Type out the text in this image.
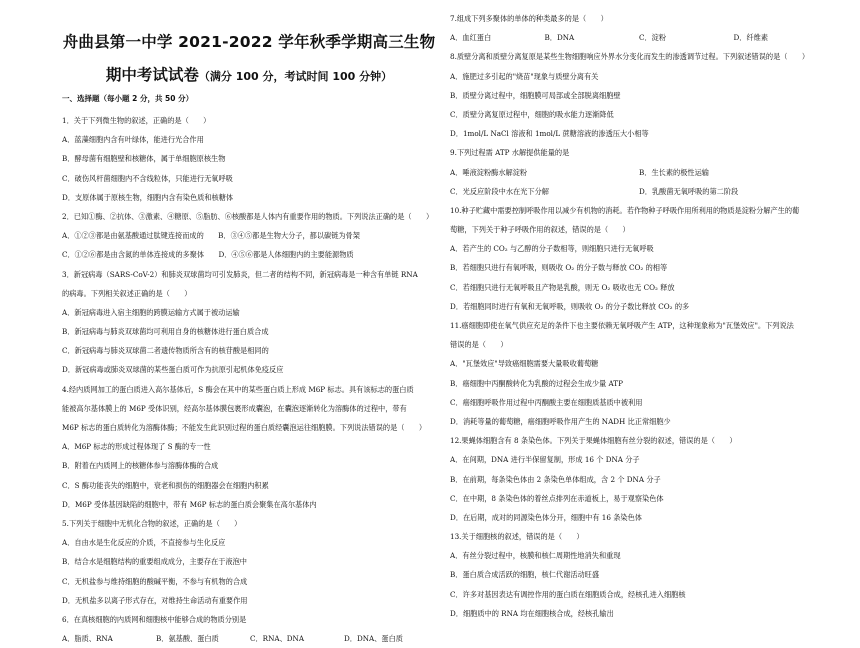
舟曲县第一中学 2021-2022 学年秋季学期高三生物
期中考试试卷（满分 100 分，考试时间 100 分钟）
一、选择题（每小题 2 分，共 50 分）
1．关于下列微生物的叙述，正确的是（　　）
A．蓝藻细胞内含有叶绿体，能进行光合作用
B．酵母菌有细胞壁和核糖体，属于单细胞原核生物
C．破伤风杆菌细胞内不含线粒体，只能进行无氧呼吸
D．支原体属于原核生物，细胞内含有染色质和核糖体
2．已知①酶、②抗体、③激素、④糖原、⑤脂肪、⑥核酸都是人体内有重要作用的物质。下列说法正确的是（　　）
A．①②③都是由氨基酸通过肽键连接而成的　　B．③④⑤都是生物大分子，都以碳链为骨架
C．①②⑥都是由含氮的单体连接成的多聚体　　D．④⑤⑥都是人体细胞内的主要能源物质
3．新冠病毒（SARS-CoV-2）和肺炎双球菌均可引发肺炎，但二者的结构不同，新冠病毒是一种含有单链 RNA
的病毒。下列相关叙述正确的是（　　）
A．新冠病毒进入宿主细胞的跨膜运输方式属于被动运输
B．新冠病毒与肺炎双球菌均可利用自身的核糖体进行蛋白质合成
C．新冠病毒与肺炎双球菌二者遗传物质所含有的核苷酸是相同的
D．新冠病毒或肺炎双球菌的某些蛋白质可作为抗原引起机体免疫反应
4.经内质网加工的蛋白质进入高尔基体后，S 酶会在其中的某些蛋白质上形成 M6P 标志。具有该标志的蛋白质
能被高尔基体膜上的 M6P 受体识别，经高尔基体膜包裹形成囊泡，在囊泡逐渐转化为溶酶体的过程中，带有
M6P 标志的蛋白质转化为溶酶体酶；不能发生此识别过程的蛋白质经囊泡运往细胞膜。下列说法错误的是（　　）
A．M6P 标志的形成过程体现了 S 酶的专一性
B．附着在内质网上的核糖体参与溶酶体酶的合成
C．S 酶功能丧失的细胞中，衰老和损伤的细胞器会在细胞内积累
D．M6P 受体基因缺陷的细胞中，带有 M6P 标志的蛋白质会聚集在高尔基体内
5.下列关于细胞中无机化合物的叙述，正确的是（　　）
A．自由水是生化反应的介质，不直接参与生化反应
B．结合水是细胞结构的重要组成成分，主要存在于液泡中
C．无机盐参与维持细胞的酸碱平衡，不参与有机物的合成
D．无机盐多以离子形式存在，对维持生命活动有重要作用
6．在真核细胞的内质网和细胞核中能够合成的物质分别是
A．脂质、RNA	B．氨基酸、蛋白质	C．RNA、DNA	D．DNA、蛋白质
7.组成下列多聚体的单体的种类最多的是（　　）
A．血红蛋白	B．DNA	C．淀粉	D．纤维素
8.质壁分离和质壁分离复原是某些生物细胞响应外界水分变化而发生的渗透调节过程。下列叙述错误的是（　　）
A．施肥过多引起的"烧苗"现象与质壁分离有关
B．质壁分离过程中，细胞膜可局部或全部脱离细胞壁
C．质壁分离复原过程中，细胞的吸水能力逐渐降低
D．1mol/L NaCl 溶液和 1mol/L 蔗糖溶液的渗透压大小相等
9.下列过程需 ATP 水解提供能量的是
A．唾液淀粉酶水解淀粉	B．生长素的极性运输
C．光反应阶段中水在光下分解	D．乳酸菌无氧呼吸的第二阶段
10.种子贮藏中需要控制呼吸作用以减少有机物的消耗。若作物种子呼吸作用所利用的物质是淀粉分解产生的葡
萄糖，下列关于种子呼吸作用的叙述，错误的是（　　）
A．若产生的 CO₂ 与乙醇的分子数相等，则细胞只进行无氧呼吸
B．若细胞只进行有氧呼吸，则吸收 O₂ 的分子数与释放 CO₂ 的相等
C．若细胞只进行无氧呼吸且产物是乳酸，则无 O₂ 吸收也无 CO₂ 释放
D．若细胞同时进行有氧和无氧呼吸，则吸收 O₂ 的分子数比释放 CO₂ 的多
11.癌细胞即使在氧气供应充足的条件下也主要依赖无氧呼吸产生 ATP，这种现象称为"瓦堡效应"。下列说法
错误的是（　　）
A．"瓦堡效应"导致癌细胞需要大量吸收葡萄糖
B．癌细胞中丙酮酸转化为乳酸的过程会生成少量 ATP
C．癌细胞呼吸作用过程中丙酮酸主要在细胞质基质中被利用
D．消耗等量的葡萄糖，癌细胞呼吸作用产生的 NADH 比正常细胞少
12.果蝇体细胞含有 8 条染色体。下列关于果蝇体细胞有丝分裂的叙述，错误的是（　　）
A．在间期，DNA 进行半保留复制，形成 16 个 DNA 分子
B．在前期，每条染色体由 2 条染色单体组成，含 2 个 DNA 分子
C．在中期，8 条染色体的着丝点排列在赤道板上，易于观察染色体
D．在后期，成对的同源染色体分开，细胞中有 16 条染色体
13.关于细胞核的叙述，错误的是（　　）
A．有丝分裂过程中，核膜和核仁周期性地消失和重现
B．蛋白质合成活跃的细胞，核仁代谢活动旺盛
C．许多对基因表达有调控作用的蛋白质在细胞质合成，经核孔进入细胞核
D．细胞质中的 RNA 均在细胞核合成，经核孔输出
